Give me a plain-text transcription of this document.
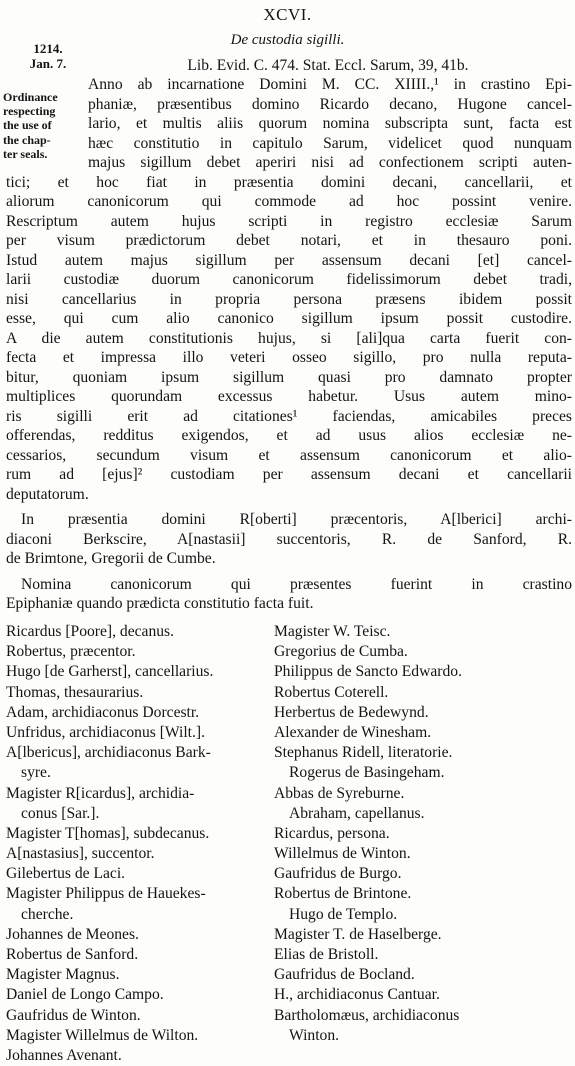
XCVI.
De custodia sigilli.
1214.
Jan. 7.	Lib. Evid. C. 474. Stat. Eccl. Sarum, 39, 41b.
Ordinance
respecting
the use of
the chap-
ter seals.
Anno ab incarnatione Domini M. CC. XIIII.,¹ in crastino Epi-
phaniæ, præsentibus domino Ricardo decano, Hugone cancel-
lario, et multis aliis quorum nomina subscripta sunt, facta est
hæc constitutio in capitulo Sarum, videlicet quod nunquam
majus sigillum debet aperiri nisi ad confectionem scripti auten-
tici; et hoc fiat in præsentia domini decani, cancellarii, et
aliorum canonicorum qui commode ad hoc possint venire.
Rescriptum autem hujus scripti in registro ecclesiæ Sarum
per visum prædictorum debet notari, et in thesauro poni.
Istud autem majus sigillum per assensum decani [et] cancel-
larii custodiæ duorum canonicorum fidelissimorum debet tradi,
nisi cancellarius in propria persona præsens ibidem possit
esse, qui cum alio canonico sigillum ipsum possit custodire.
A die autem constitutionis hujus, si [ali]qua carta fuerit con-
fecta et impressa illo veteri osseo sigillo, pro nulla reputa-
bitur, quoniam ipsum sigillum quasi pro damnato propter
multiplices quorundam excessus habetur. Usus autem mino-
ris sigilli erit ad citationes¹ faciendas, amicabiles preces
offerendas, redditus exigendos, et ad usus alios ecclesiæ ne-
cessarios, secundum visum et assensum canonicorum et alio-
rum ad [ejus]² custodiam per assensum decani et cancellarii
deputatorum.
In præsentia domini R[oberti] præcentoris, A[lberici] archi-
diaconi Berkscire, A[nastasii] succentoris, R. de Sanford, R.
de Brimtone, Gregorii de Cumbe.
Nomina canonicorum qui præsentes fuerint in crastino
Epiphaniæ quando prædicta constitutio facta fuit.
Ricardus [Poore], decanus.	Magister W. Teisc.
Robertus, præcentor.	Gregorius de Cumba.
Hugo [de Garherst], cancellarius.	Philippus de Sancto Edwardo.
Thomas, thesaurarius.	Robertus Coterell.
Adam, archidiaconus Dorcestr.	Herbertus de Bedewynd.
Unfridus, archidiaconus [Wilt.].	Alexander de Winesham.
A[lbericus], archidiaconus Bark-	Stephanus Ridell, literatorie.
syre.	Rogerus de Basingeham.
Magister R[icardus], archidia-	Abbas de Syreburne.
conus [Sar.].	Abraham, capellanus.
Magister T[homas], subdecanus.	Ricardus, persona.
A[nastasius], succentor.	Willelmus de Winton.
Gilebertus de Laci.	Gaufridus de Burgo.
Magister Philippus de Hauekes-	Robertus de Brintone.
cherche.	Hugo de Templo.
Johannes de Meones.	Magister T. de Haselberge.
Robertus de Sanford.	Elias de Bristoll.
Magister Magnus.	Gaufridus de Bocland.
Daniel de Longo Campo.	H., archidiaconus Cantuar.
Gaufridus de Winton.	Bartholomæus, archidiaconus
Magister Willelmus de Wilton.	Winton.
Johannes Avenant.
